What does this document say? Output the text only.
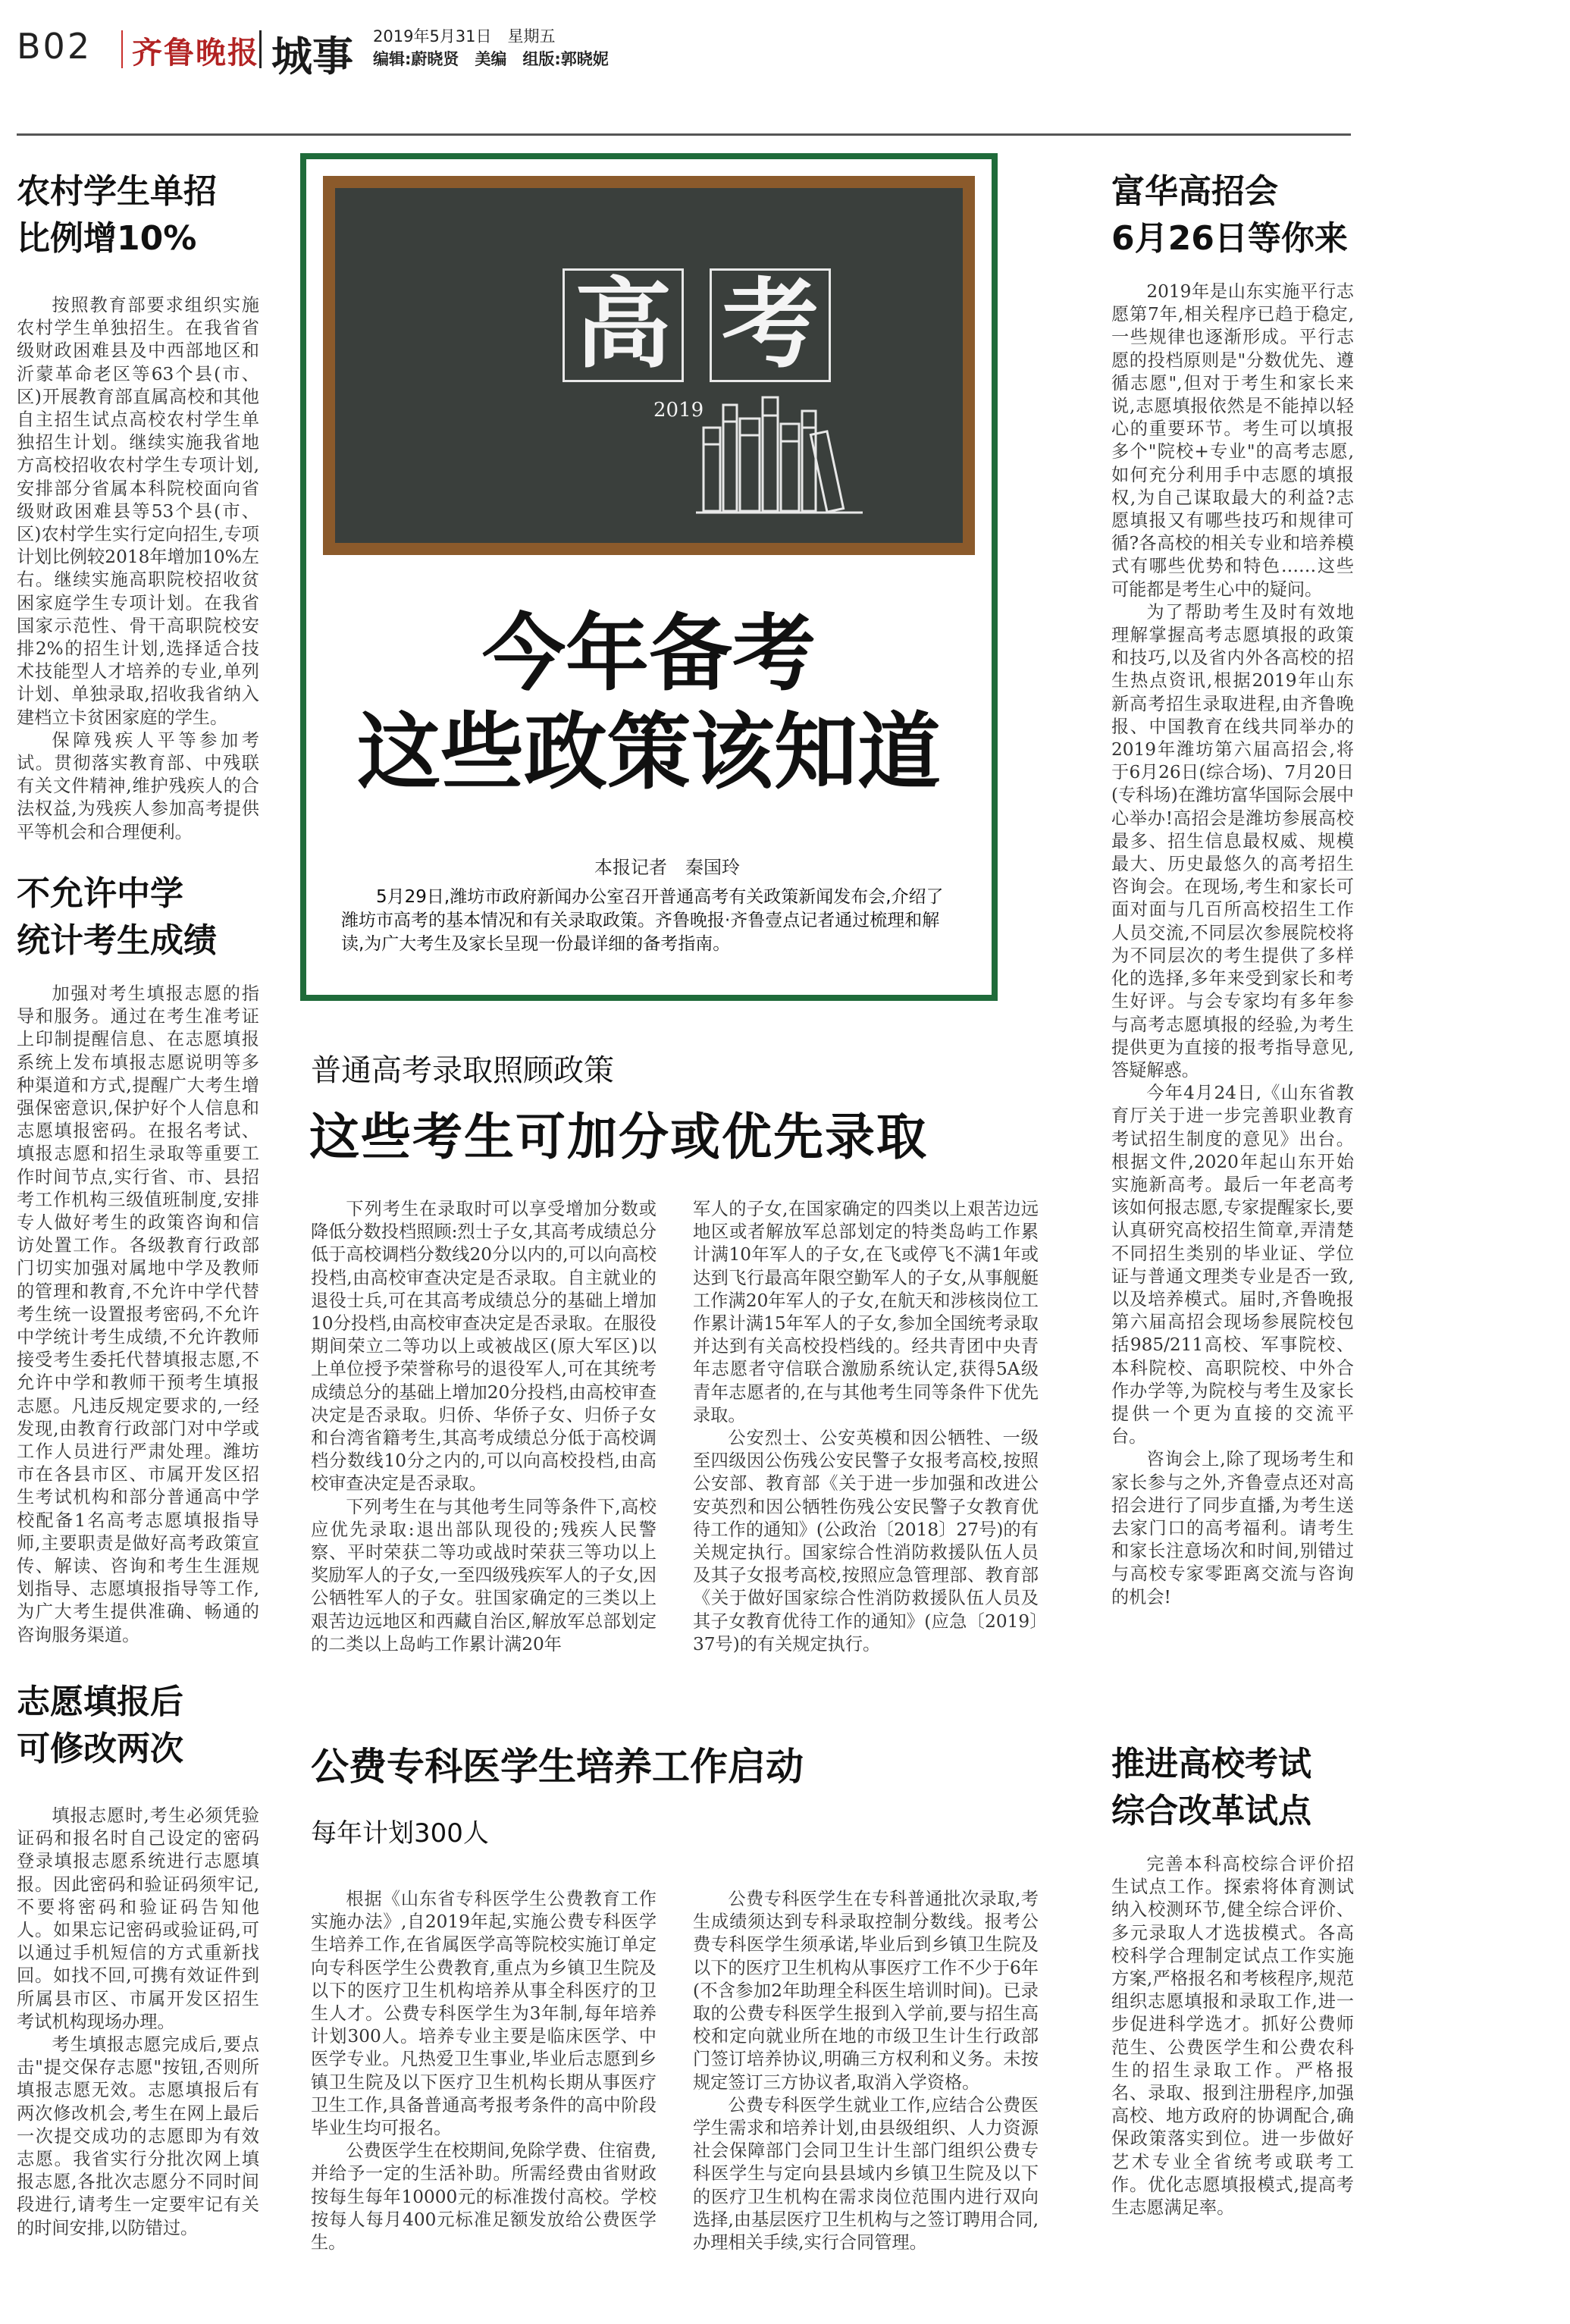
B02 齐鲁晚报 城事 2019年5月31日　星期五
编辑:蔚晓贤　美编　组版:郭晓妮
农村学生单招
比例增10%

按照教育部要求组织实施农村学生单独招生。在我省省级财政困难县及中西部地区和沂蒙革命老区等63个县(市、区)开展教育部直属高校和其他自主招生试点高校农村学生单独招生计划。继续实施我省地方高校招收农村学生专项计划,安排部分省属本科院校面向省级财政困难县等53个县(市、区)农村学生实行定向招生,专项计划比例较2018年增加10%左右。继续实施高职院校招收贫困家庭学生专项计划。在我省国家示范性、骨干高职院校安排2%的招生计划,选择适合技术技能型人才培养的专业,单列计划、单独录取,招收我省纳入建档立卡贫困家庭的学生。

保障残疾人平等参加考试。贯彻落实教育部、中残联有关文件精神,维护残疾人的合法权益,为残疾人参加高考提供平等机会和合理便利。

不允许中学
统计考生成绩

加强对考生填报志愿的指导和服务。通过在考生准考证上印制提醒信息、在志愿填报系统上发布填报志愿说明等多种渠道和方式,提醒广大考生增强保密意识,保护好个人信息和志愿填报密码。在报名考试、填报志愿和招生录取等重要工作时间节点,实行省、市、县招考工作机构三级值班制度,安排专人做好考生的政策咨询和信访处置工作。各级教育行政部门切实加强对属地中学及教师的管理和教育,不允许中学代替考生统一设置报考密码,不允许中学统计考生成绩,不允许教师接受考生委托代替填报志愿,不允许中学和教师干预考生填报志愿。凡违反规定要求的,一经发现,由教育行政部门对中学或工作人员进行严肃处理。潍坊市在各县市区、市属开发区招生考试机构和部分普通高中学校配备1名高考志愿填报指导师,主要职责是做好高考政策宣传、解读、咨询和考生生涯规划指导、志愿填报指导等工作,为广大考生提供准确、畅通的咨询服务渠道。

志愿填报后
可修改两次

填报志愿时,考生必须凭验证码和报名时自己设定的密码登录填报志愿系统进行志愿填报。因此密码和验证码须牢记,不要将密码和验证码告知他人。如果忘记密码或验证码,可以通过手机短信的方式重新找回。如找不回,可携有效证件到所属县市区、市属开发区招生考试机构现场办理。

考生填报志愿完成后,要点击"提交保存志愿"按钮,否则所填报志愿无效。志愿填报后有两次修改机会,考生在网上最后一次提交成功的志愿即为有效志愿。我省实行分批次网上填报志愿,各批次志愿分不同时间段进行,请考生一定要牢记有关的时间安排,以防错过。

高 考
2019
今年备考
这些政策该知道
本报记者　秦国玲
5月29日,潍坊市政府新闻办公室召开普通高考有关政策新闻发布会,介绍了潍坊市高考的基本情况和有关录取政策。齐鲁晚报·齐鲁壹点记者通过梳理和解读,为广大考生及家长呈现一份最详细的备考指南。
普通高考录取照顾政策
这些考生可加分或优先录取

下列考生在录取时可以享受增加分数或降低分数投档照顾:烈士子女,其高考成绩总分低于高校调档分数线20分以内的,可以向高校投档,由高校审查决定是否录取。自主就业的退役士兵,可在其高考成绩总分的基础上增加10分投档,由高校审查决定是否录取。在服役期间荣立二等功以上或被战区(原大军区)以上单位授予荣誉称号的退役军人,可在其统考成绩总分的基础上增加20分投档,由高校审查决定是否录取。归侨、华侨子女、归侨子女和台湾省籍考生,其高考成绩总分低于高校调档分数线10分之内的,可以向高校投档,由高校审查决定是否录取。

下列考生在与其他考生同等条件下,高校应优先录取:退出部队现役的;残疾人民警察、平时荣获二等功或战时荣获三等功以上奖励军人的子女,一至四级残疾军人的子女,因公牺牲军人的子女。驻国家确定的三类以上艰苦边远地区和西藏自治区,解放军总部划定的二类以上岛屿工作累计满20年

军人的子女,在国家确定的四类以上艰苦边远地区或者解放军总部划定的特类岛屿工作累计满10年军人的子女,在飞或停飞不满1年或达到飞行最高年限空勤军人的子女,从事舰艇工作满20年军人的子女,在航天和涉核岗位工作累计满15年军人的子女,参加全国统考录取并达到有关高校投档线的。经共青团中央青年志愿者守信联合激励系统认定,获得5A级青年志愿者的,在与其他考生同等条件下优先录取。

公安烈士、公安英模和因公牺牲、一级至四级因公伤残公安民警子女报考高校,按照公安部、教育部《关于进一步加强和改进公安英烈和因公牺牲伤残公安民警子女教育优待工作的通知》(公政治〔2018〕27号)的有关规定执行。国家综合性消防救援队伍人员及其子女报考高校,按照应急管理部、教育部《关于做好国家综合性消防救援队伍人员及其子女教育优待工作的通知》(应急〔2019〕37号)的有关规定执行。

公费专科医学生培养工作启动
每年计划300人

根据《山东省专科医学生公费教育工作实施办法》,自2019年起,实施公费专科医学生培养工作,在省属医学高等院校实施订单定向专科医学生公费教育,重点为乡镇卫生院及以下的医疗卫生机构培养从事全科医疗的卫生人才。公费专科医学生为3年制,每年培养计划300人。培养专业主要是临床医学、中医学专业。凡热爱卫生事业,毕业后志愿到乡镇卫生院及以下医疗卫生机构长期从事医疗卫生工作,具备普通高考报考条件的高中阶段毕业生均可报名。

公费医学生在校期间,免除学费、住宿费,并给予一定的生活补助。所需经费由省财政按每生每年10000元的标准拨付高校。学校按每人每月400元标准足额发放给公费医学生。

公费专科医学生在专科普通批次录取,考生成绩须达到专科录取控制分数线。报考公费专科医学生须承诺,毕业后到乡镇卫生院及以下的医疗卫生机构从事医疗工作不少于6年(不含参加2年助理全科医生培训时间)。已录取的公费专科医学生报到入学前,要与招生高校和定向就业所在地的市级卫生计生行政部门签订培养协议,明确三方权利和义务。未按规定签订三方协议者,取消入学资格。

公费专科医学生就业工作,应结合公费医学生需求和培养计划,由县级组织、人力资源社会保障部门会同卫生计生部门组织公费专科医学生与定向县县域内乡镇卫生院及以下的医疗卫生机构在需求岗位范围内进行双向选择,由基层医疗卫生机构与之签订聘用合同,办理相关手续,实行合同管理。

富华高招会
6月26日等你来

2019年是山东实施平行志愿第7年,相关程序已趋于稳定,一些规律也逐渐形成。平行志愿的投档原则是"分数优先、遵循志愿",但对于考生和家长来说,志愿填报依然是不能掉以轻心的重要环节。考生可以填报多个"院校+专业"的高考志愿,如何充分利用手中志愿的填报权,为自己谋取最大的利益?志愿填报又有哪些技巧和规律可循?各高校的相关专业和培养模式有哪些优势和特色……这些可能都是考生心中的疑问。

为了帮助考生及时有效地理解掌握高考志愿填报的政策和技巧,以及省内外各高校的招生热点资讯,根据2019年山东新高考招生录取进程,由齐鲁晚报、中国教育在线共同举办的2019年潍坊第六届高招会,将于6月26日(综合场)、7月20日(专科场)在潍坊富华国际会展中心举办!高招会是潍坊参展高校最多、招生信息最权威、规模最大、历史最悠久的高考招生咨询会。在现场,考生和家长可面对面与几百所高校招生工作人员交流,不同层次参展院校将为不同层次的考生提供了多样化的选择,多年来受到家长和考生好评。与会专家均有多年参与高考志愿填报的经验,为考生提供更为直接的报考指导意见,答疑解惑。

今年4月24日,《山东省教育厅关于进一步完善职业教育考试招生制度的意见》出台。根据文件,2020年起山东开始实施新高考。最后一年老高考该如何报志愿,专家提醒家长,要认真研究高校招生简章,弄清楚不同招生类别的毕业证、学位证与普通文理类专业是否一致,以及培养模式。届时,齐鲁晚报第六届高招会现场参展院校包括985/211高校、军事院校、本科院校、高职院校、中外合作办学等,为院校与考生及家长提供一个更为直接的交流平台。

咨询会上,除了现场考生和家长参与之外,齐鲁壹点还对高招会进行了同步直播,为考生送去家门口的高考福利。请考生和家长注意场次和时间,别错过与高校专家零距离交流与咨询的机会!

推进高校考试
综合改革试点

完善本科高校综合评价招生试点工作。探索将体育测试纳入校测环节,健全综合评价、多元录取人才选拔模式。各高校科学合理制定试点工作实施方案,严格报名和考核程序,规范组织志愿填报和录取工作,进一步促进科学选才。抓好公费师范生、公费医学生和公费农科生的招生录取工作。严格报名、录取、报到注册程序,加强高校、地方政府的协调配合,确保政策落实到位。进一步做好艺术专业全省统考或联考工作。优化志愿填报模式,提高考生志愿满足率。
